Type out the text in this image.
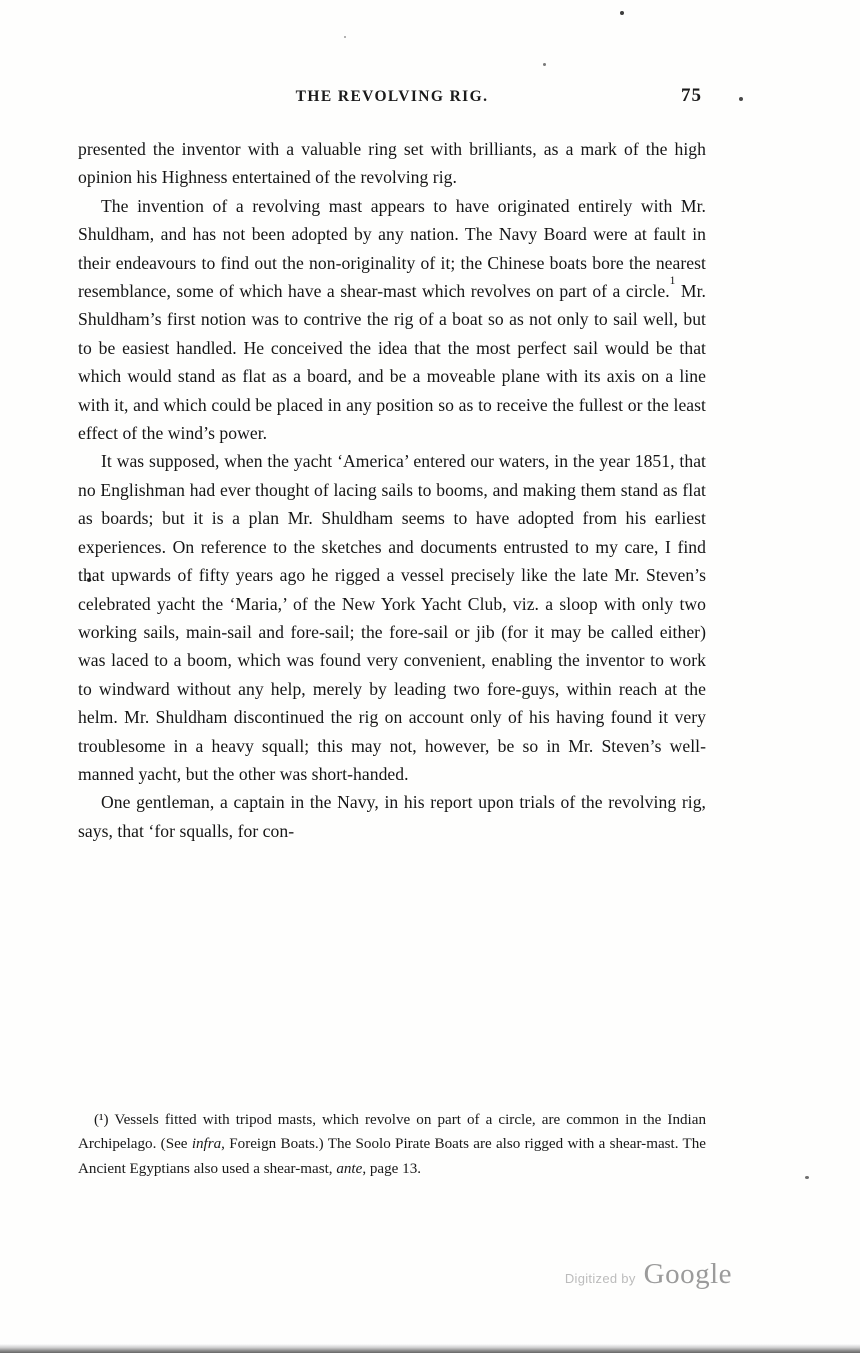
THE REVOLVING RIG.	75

presented the inventor with a valuable ring set with brilliants, as a mark of the high opinion his Highness entertained of the revolving rig.

The invention of a revolving mast appears to have originated entirely with Mr. Shuldham, and has not been adopted by any nation. The Navy Board were at fault in their endeavours to find out the non-originality of it; the Chinese boats bore the nearest resemblance, some of which have a shear-mast which revolves on part of a circle.$^1$ Mr. Shuldham’s first notion was to contrive the rig of a boat so as not only to sail well, but to be easiest handled. He conceived the idea that the most perfect sail would be that which would stand as flat as a board, and be a moveable plane with its axis on a line with it, and which could be placed in any position so as to receive the fullest or the least effect of the wind’s power.

It was supposed, when the yacht ‘America’ entered our waters, in the year 1851, that no Englishman had ever thought of lacing sails to booms, and making them stand as flat as boards; but it is a plan Mr. Shuldham seems to have adopted from his earliest experiences. On reference to the sketches and documents entrusted to my care, I find that upwards of fifty years ago he rigged a vessel precisely like the late Mr. Steven’s celebrated yacht the ‘Maria,’ of the New York Yacht Club, viz. a sloop with only two working sails, main-sail and fore-sail; the fore-sail or jib (for it may be called either) was laced to a boom, which was found very convenient, enabling the inventor to work to windward without any help, merely by leading two fore-guys, within reach at the helm. Mr. Shuldham discontinued the rig on account only of his having found it very troublesome in a heavy squall; this may not, however, be so in Mr. Steven’s well-manned yacht, but the other was short-handed.

One gentleman, a captain in the Navy, in his report upon trials of the revolving rig, says, that ‘for squalls, for con-

(¹) Vessels fitted with tripod masts, which revolve on part of a circle, are common in the Indian Archipelago. (See infra, Foreign Boats.) The Soolo Pirate Boats are also rigged with a shear-mast. The Ancient Egyptians also used a shear-mast, ante, page 13.
Digitized by Google
